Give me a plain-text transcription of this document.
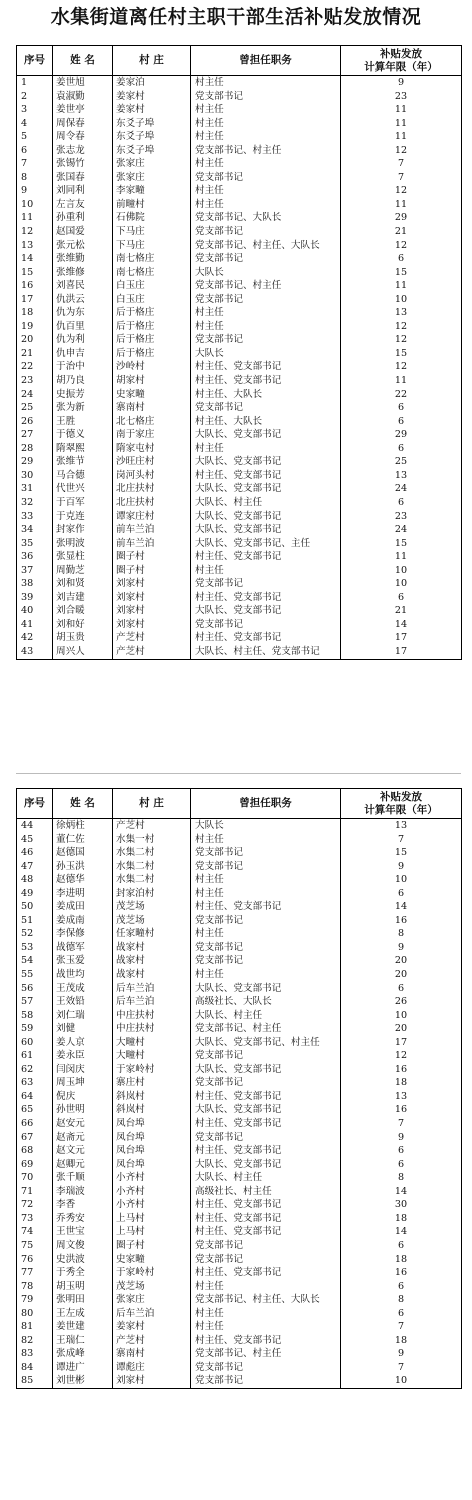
水集街道离任村主职干部生活补贴发放情况
序号	姓 名	村 庄	曾担任职务	补贴发放
计算年限（年）

1	姜世旭	姜家泊	村主任	9
2	袁淑勤	姜家村	党支部书记	23
3	姜世亭	姜家村	村主任	11
4	周保春	东爻子埠	村主任	11
5	周令春	东爻子埠	村主任	11
6	张志龙	东爻子埠	党支部书记、村主任	12
7	张锡竹	张家庄	村主任	7
8	张国春	张家庄	党支部书记	7
9	刘同利	李家疃	村主任	12
10	左言友	前疃村	村主任	11
11	孙重利	石佛院	党支部书记、大队长	29
12	赵国爱	下马庄	党支部书记	21
13	张元松	下马庄	党支部书记、村主任、大队长	12
14	张维勤	南七格庄	党支部书记	6
15	张维修	南七格庄	大队长	15
16	刘喜民	白玉庄	党支部书记、村主任	11
17	仇洪云	白玉庄	党支部书记	10
18	仇为东	后于格庄	村主任	13
19	仇百里	后于格庄	村主任	12
20	仇为利	后于格庄	党支部书记	12
21	仇申吉	后于格庄	大队长	15
22	于治中	沙岭村	村主任、党支部书记	12
23	胡乃良	胡家村	村主任、党支部书记	11
24	史振芳	史家疃	村主任、大队长	22
25	张为新	寨南村	党支部书记	6
26	王胜	北七格庄	村主任、大队长	6
27	于德义	南于家庄	大队长、党支部书记	29
28	隋翠熙	隋家屯村	村主任	6
29	张维节	沙旺庄村	大队长、党支部书记	25
30	马合德	岗河头村	村主任、党支部书记	13
31	代世兴	北庄扶村	大队长、党支部书记	24
32	于百军	北庄扶村	大队长、村主任	6
33	于克连	谭家庄村	大队长、党支部书记	23
34	封家作	前车兰泊	大队长、党支部书记	24
35	张明波	前车兰泊	大队长、党支部书记、主任	15
36	张显柱	圈子村	村主任、党支部书记	11
37	周勤芝	圈子村	村主任	10
38	刘和贤	刘家村	党支部书记	10
39	刘吉建	刘家村	村主任、党支部书记	6
40	刘合暖	刘家村	大队长、党支部书记	21
41	刘和好	刘家村	党支部书记	14
42	胡玉贵	产芝村	村主任、党支部书记	17
43	周兴人	产芝村	大队长、村主任、党支部书记	17
序号	姓 名	村 庄	曾担任职务	补贴发放
计算年限（年）

44	徐炳柱	产芝村	大队长	13
45	董仁佐	水集一村	村主任	7
46	赵德国	水集二村	党支部书记	15
47	孙玉洪	水集二村	党支部书记	9
48	赵德华	水集二村	村主任	10
49	李进明	封家泊村	村主任	6
50	姜成田	茂芝场	村主任、党支部书记	14
51	姜成南	茂芝场	党支部书记	16
52	李保修	任家疃村	村主任	8
53	战德军	战家村	党支部书记	9
54	张玉爱	战家村	党支部书记	20
55	战世均	战家村	村主任	20
56	王茂成	后车兰泊	大队长、党支部书记	6
57	王效铅	后车兰泊	高级社长、大队长	26
58	刘仁瑞	中庄扶村	大队长、村主任	10
59	刘健	中庄扶村	党支部书记、村主任	20
60	姜人京	大疃村	大队长、党支部书记、村主任	17
61	姜永臣	大疃村	党支部书记	12
62	闫闵庆	于家岭村	大队长、党支部书记	16
63	周玉坤	寨庄村	党支部书记	18
64	倪庆	斜岚村	村主任、党支部书记	13
65	孙世明	斜岚村	大队长、党支部书记	16
66	赵安元	凤台埠	村主任、党支部书记	7
67	赵斋元	凤台埠	党支部书记	9
68	赵文元	凤台埠	村主任、党支部书记	6
69	赵卿元	凤台埠	大队长、党支部书记	6
70	张千顺	小齐村	大队长、村主任	8
71	李瑞波	小齐村	高级社长、村主任	14
72	李香	小齐村	村主任、党支部书记	30
73	乔秀安	上马村	村主任、党支部书记	18
74	王世宝	上马村	村主任、党支部书记	14
75	周文俊	圈子村	党支部书记	6
76	史洪波	史家疃	党支部书记	18
77	于秀全	于家岭村	村主任、党支部书记	16
78	胡玉明	茂芝场	村主任	6
79	张明田	张家庄	党支部书记、村主任、大队长	8
80	王左成	后车兰泊	村主任	6
81	姜世建	姜家村	村主任	7
82	王瑞仁	产芝村	村主任、党支部书记	18
83	张成峰	寨南村	党支部书记、村主任	9
84	谭进广	谭彪庄	党支部书记	7
85	刘世彬	刘家村	党支部书记	10
